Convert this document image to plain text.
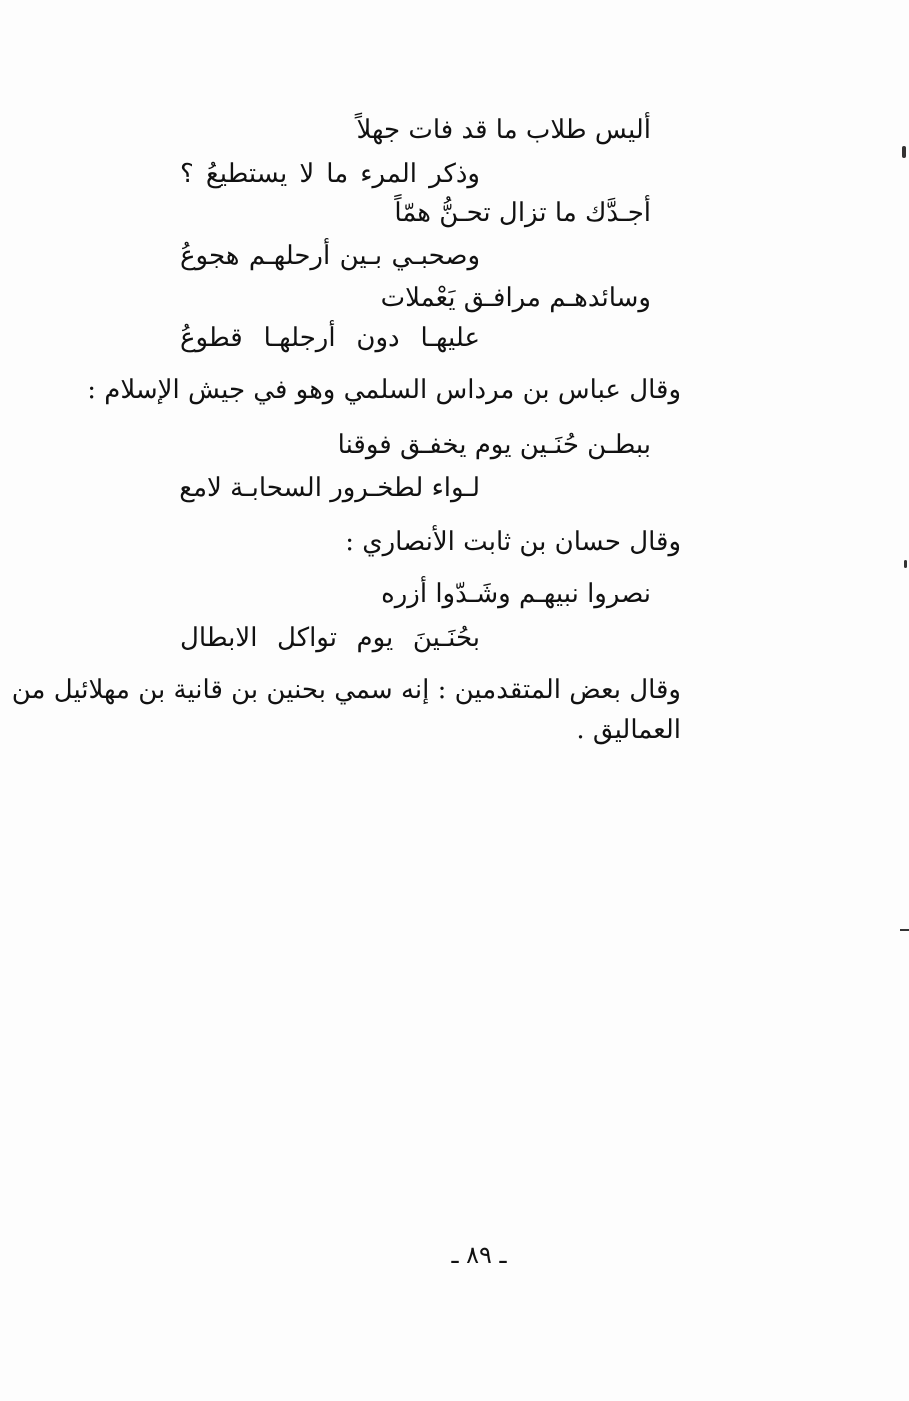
أليس طلاب ما قد فات جهلاً
وذكر المرء ما لا يستطيعُ ؟
أجـدَّك ما تزال تحـنُّ همّاً
وصحبـي بـين أرحلهـم هجوعُ
وسائدهـم مرافـق يَعْملات
عليهـا دون أرجلهـا قطوعُ
وقال عباس بن مرداس السلمي وهو في جيش الإسلام :
ببطـن حُنَـين يوم يخفـق فوقنا
لـواء لطخـرور السحابـة لامع
وقال حسان بن ثابت الأنصاري :
نصروا نبيهـم وشَـدّوا أزره
بحُنَـينَ يوم تواكل الابطال
وقال بعض المتقدمين : إنه سمي بحنين بن قانية بن مهلائيل من
العماليق .
ـ ٨٩ ـ
